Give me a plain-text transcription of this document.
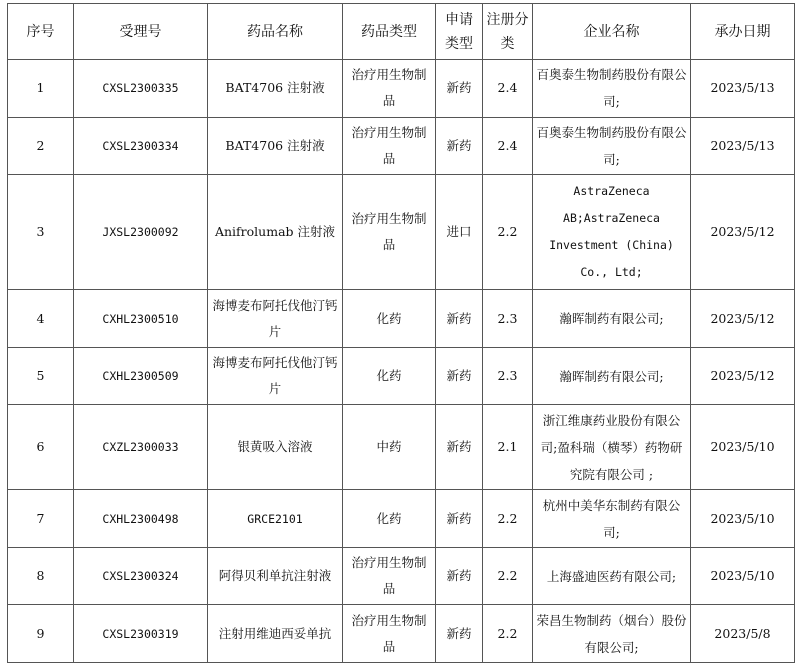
序号	受理号	药品名称	药品类型	申请类型	注册分类	企业名称	承办日期
1	CXSL2300335	BAT4706 注射液	治疗用生物制品	新药	2.4	百奥泰生物制药股份有限公司;	2023/5/13
2	CXSL2300334	BAT4706 注射液	治疗用生物制品	新药	2.4	百奥泰生物制药股份有限公司;	2023/5/13
3	JXSL2300092	Anifrolumab 注射液	治疗用生物制品	进口	2.2	AstraZeneca AB;AstraZeneca Investment (China) Co., Ltd;	2023/5/12
4	CXHL2300510	海博麦布阿托伐他汀钙片	化药	新药	2.3	瀚晖制药有限公司;	2023/5/12
5	CXHL2300509	海博麦布阿托伐他汀钙片	化药	新药	2.3	瀚晖制药有限公司;	2023/5/12
6	CXZL2300033	银黄吸入溶液	中药	新药	2.1	浙江维康药业股份有限公司;盈科瑞（横琴）药物研究院有限公司 ;	2023/5/10
7	CXHL2300498	GRCE2101	化药	新药	2.2	杭州中美华东制药有限公司;	2023/5/10
8	CXSL2300324	阿得贝利单抗注射液	治疗用生物制品	新药	2.2	上海盛迪医药有限公司;	2023/5/10
9	CXSL2300319	注射用维迪西妥单抗	治疗用生物制品	新药	2.2	荣昌生物制药（烟台）股份有限公司;	2023/5/8
